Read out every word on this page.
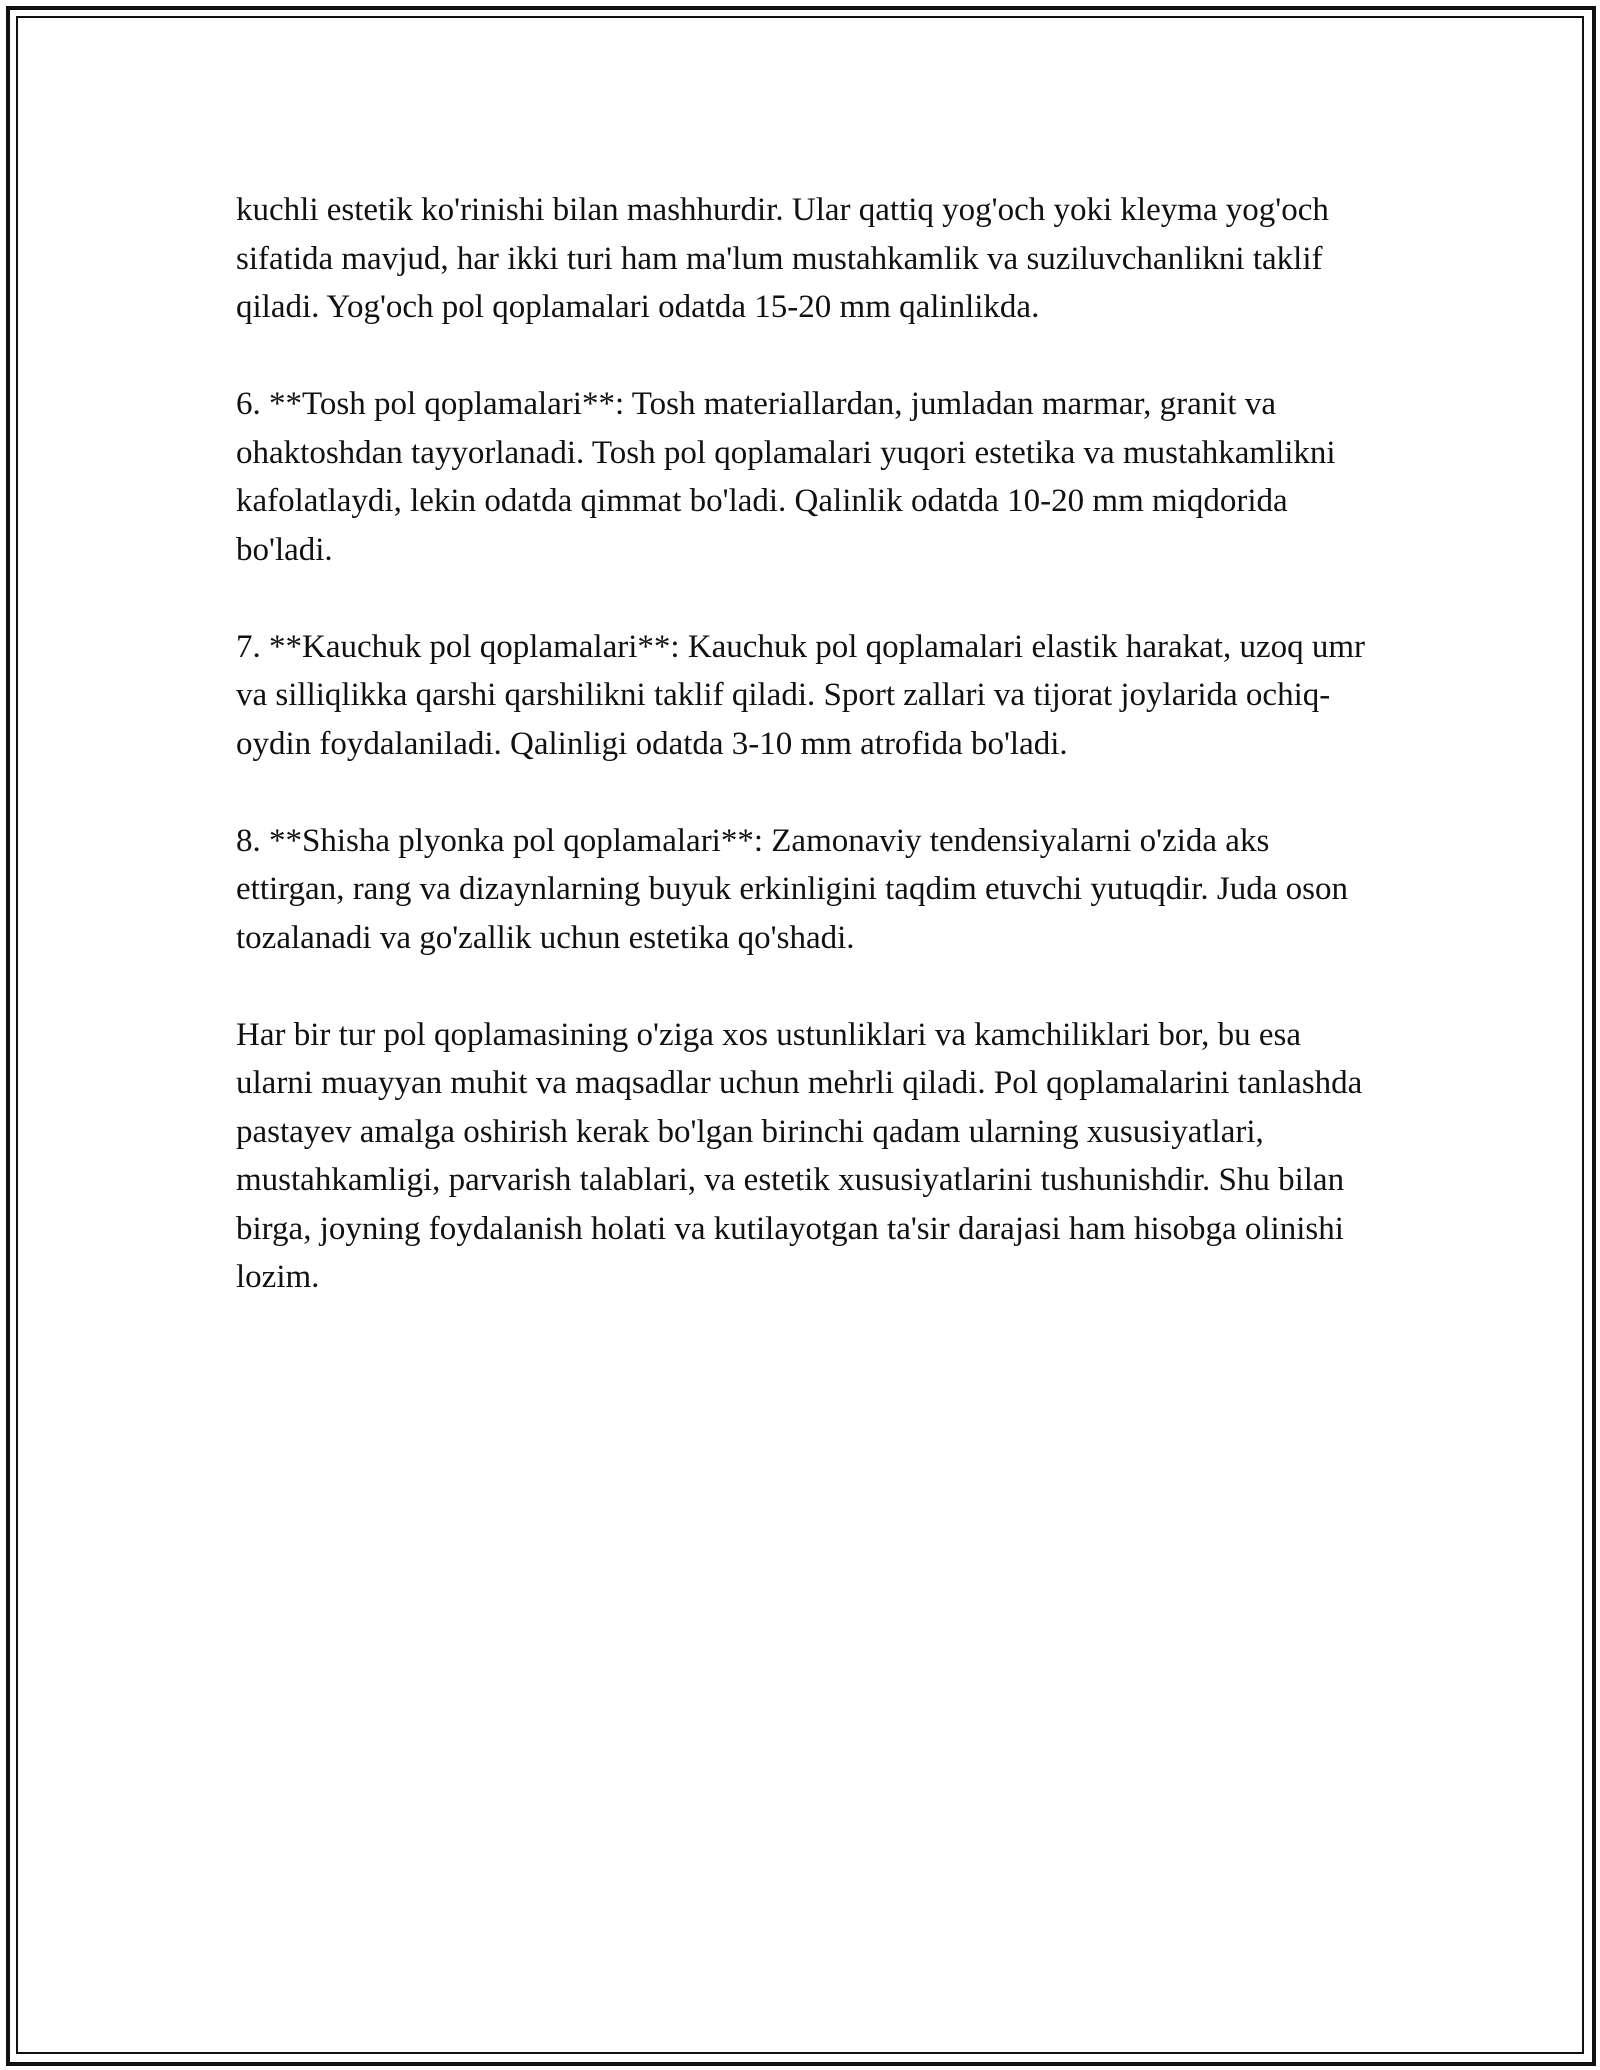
kuchli estetik ko'rinishi bilan mashhurdir. Ular qattiq yog'och yoki kleyma yog'och sifatida mavjud, har ikki turi ham ma'lum mustahkamlik va suziluvchanlikni taklif qiladi. Yog'och pol qoplamalari odatda 15-20 mm qalinlikda.

6. **Tosh pol qoplamalari**: Tosh materiallardan, jumladan marmar, granit va ohaktoshdan tayyorlanadi. Tosh pol qoplamalari yuqori estetika va mustahkamlikni kafolatlaydi, lekin odatda qimmat bo'ladi. Qalinlik odatda 10-20 mm miqdorida bo'ladi.

7. **Kauchuk pol qoplamalari**: Kauchuk pol qoplamalari elastik harakat, uzoq umr va silliqlikka qarshi qarshilikni taklif qiladi. Sport zallari va tijorat joylarida ochiq-oydin foydalaniladi. Qalinligi odatda 3-10 mm atrofida bo'ladi.

8. **Shisha plyonka pol qoplamalari**: Zamonaviy tendensiyalarni o'zida aks ettirgan, rang va dizaynlarning buyuk erkinligini taqdim etuvchi yutuqdir. Juda oson tozalanadi va go'zallik uchun estetika qo'shadi.

Har bir tur pol qoplamasining o'ziga xos ustunliklari va kamchiliklari bor, bu esa ularni muayyan muhit va maqsadlar uchun mehrli qiladi. Pol qoplamalarini tanlashda pastayev amalga oshirish kerak bo'lgan birinchi qadam ularning xususiyatlari, mustahkamligi, parvarish talablari, va estetik xususiyatlarini tushunishdir. Shu bilan birga, joyning foydalanish holati va kutilayotgan ta'sir darajasi ham hisobga olinishi lozim.
